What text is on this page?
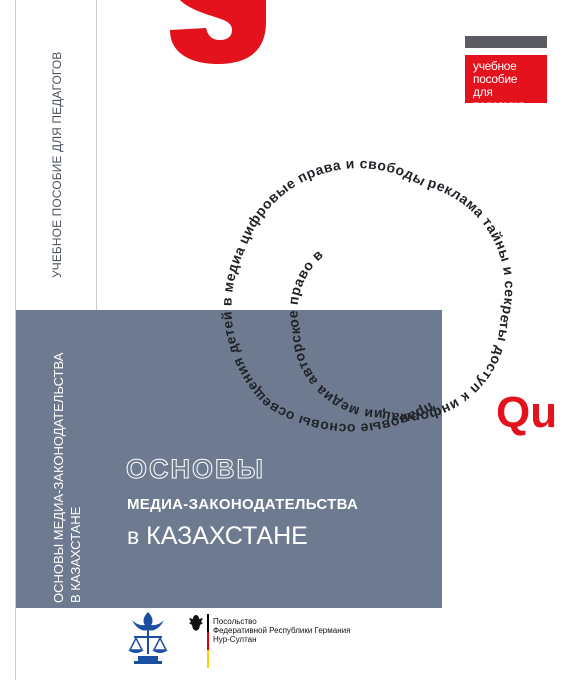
учебное пособие
для педагогов
УЧЕБНОЕ ПОСОБИЕ ДЛЯ ПЕДАГОГОВ
правовые основы освещения детей в медиа цифровые права и свободы реклама тайны и секреты доступ к информации медиа авторское право в
Qu
ОСНОВЫ МЕДИА-ЗАКОНОДАТЕЛЬСТВА В КАЗАХСТАНЕ
ОСНОВЫ
МЕДИА-ЗАКОНОДАТЕЛЬСТВА
в КАЗАХСТАНЕ
Посольство
Федеративной Республики Германия
Нур-Султан
